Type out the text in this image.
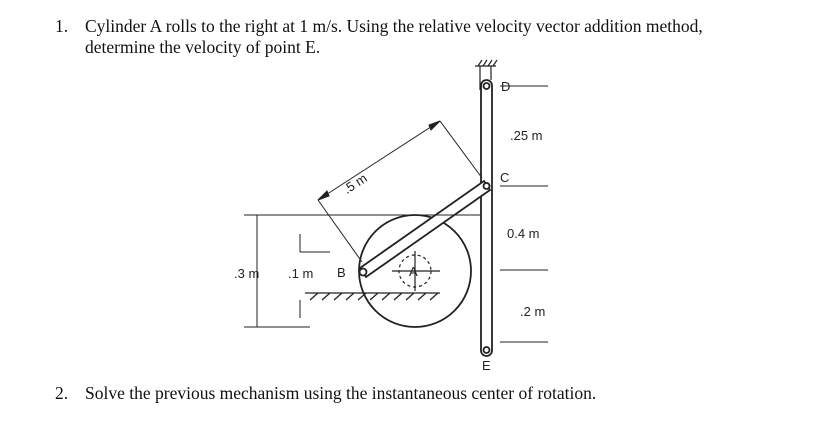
1. Cylinder A rolls to the right at 1 m/s. Using the relative velocity vector addition method,
determine the velocity of point E.
D
C
B
E
A
.5 m
.25 m
0.4 m
.2 m
.3 m .1 m
2. Solve the previous mechanism using the instantaneous center of rotation.
